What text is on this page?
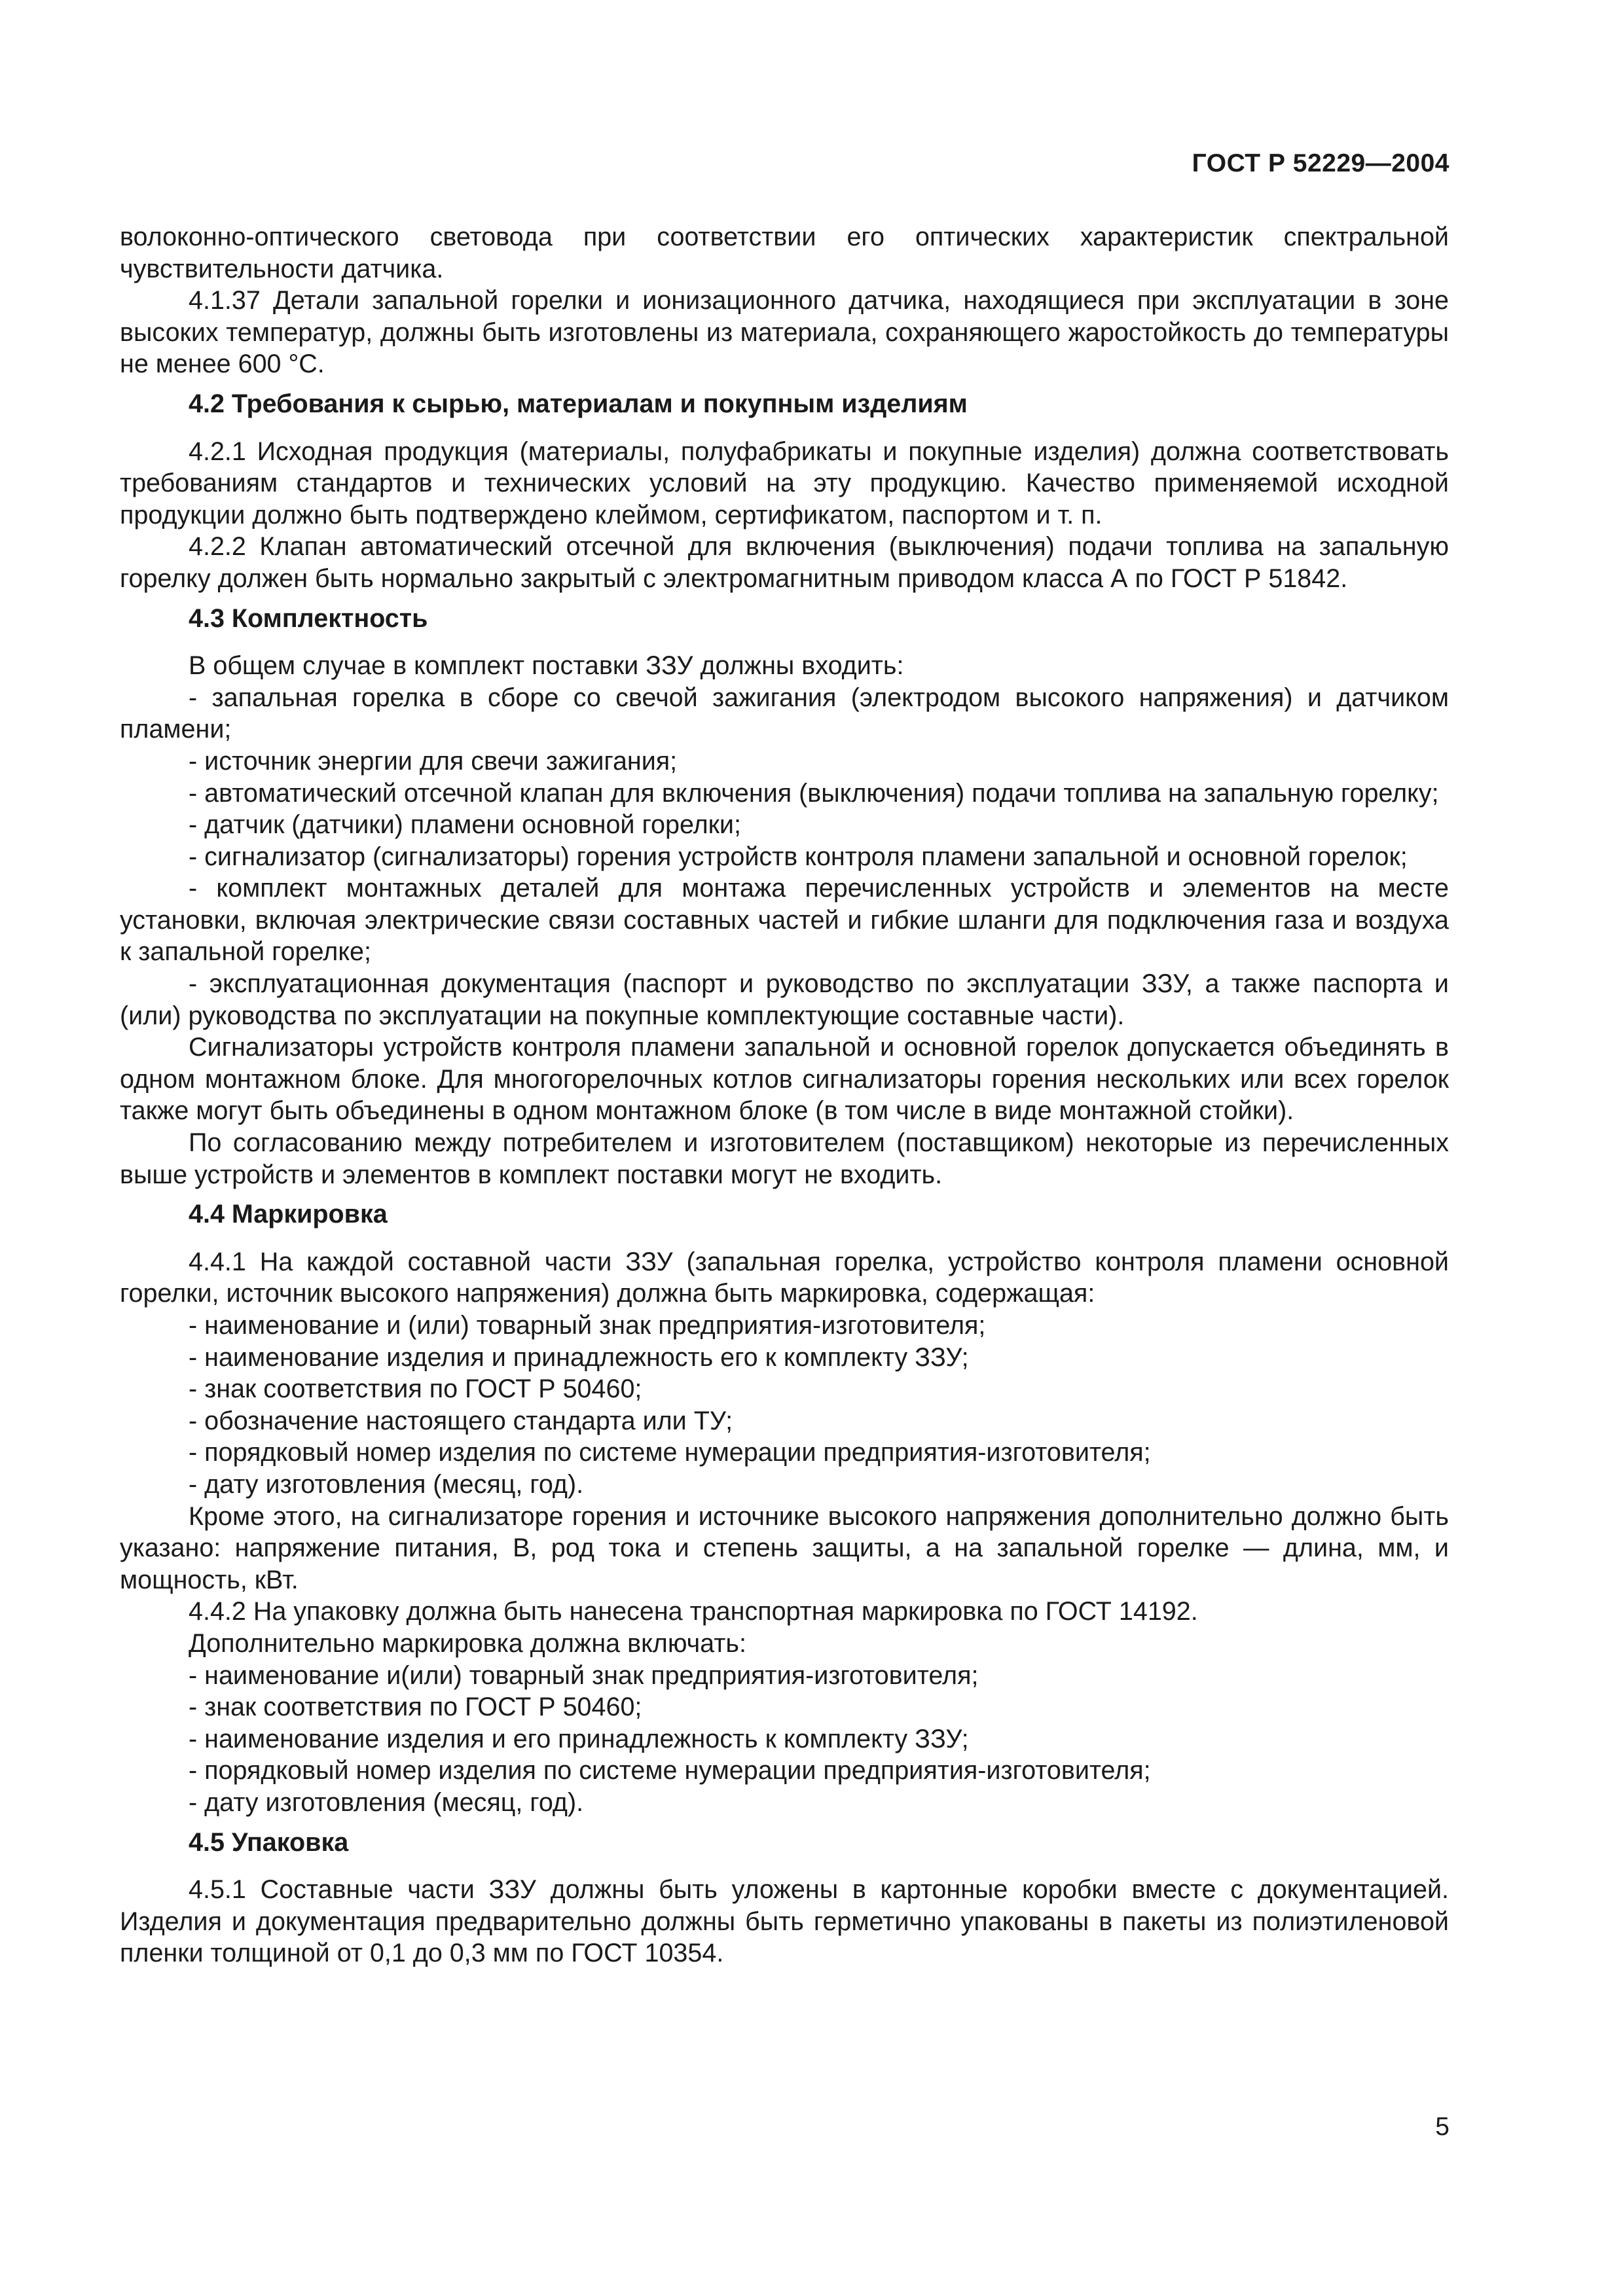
ГОСТ Р 52229—2004

волоконно-оптического световода при соответствии его оптических характеристик спектральной чувствительности датчика.

4.1.37 Детали запальной горелки и ионизационного датчика, находящиеся при эксплуатации в зоне высоких температур, должны быть изготовлены из материала, сохраняющего жаростойкость до температуры не менее 600 °С.

4.2 Требования к сырью, материалам и покупным изделиям

4.2.1 Исходная продукция (материалы, полуфабрикаты и покупные изделия) должна соответствовать требованиям стандартов и технических условий на эту продукцию. Качество применяемой исходной продукции должно быть подтверждено клеймом, сертификатом, паспортом и т. п.

4.2.2 Клапан автоматический отсечной для включения (выключения) подачи топлива на запальную горелку должен быть нормально закрытый с электромагнитным приводом класса А по ГОСТ Р 51842.

4.3 Комплектность

В общем случае в комплект поставки ЗЗУ должны входить:

- запальная горелка в сборе со свечой зажигания (электродом высокого напряжения) и датчиком пламени;

- источник энергии для свечи зажигания;

- автоматический отсечной клапан для включения (выключения) подачи топлива на запальную горелку;

- датчик (датчики) пламени основной горелки;

- сигнализатор (сигнализаторы) горения устройств контроля пламени запальной и основной горелок;

- комплект монтажных деталей для монтажа перечисленных устройств и элементов на месте установки, включая электрические связи составных частей и гибкие шланги для подключения газа и воздуха к запальной горелке;

- эксплуатационная документация (паспорт и руководство по эксплуатации ЗЗУ, а также паспорта и (или) руководства по эксплуатации на покупные комплектующие составные части).

Сигнализаторы устройств контроля пламени запальной и основной горелок допускается объединять в одном монтажном блоке. Для многогорелочных котлов сигнализаторы горения нескольких или всех горелок также могут быть объединены в одном монтажном блоке (в том числе в виде монтажной стойки).

По согласованию между потребителем и изготовителем (поставщиком) некоторые из перечисленных выше устройств и элементов в комплект поставки могут не входить.

4.4 Маркировка

4.4.1 На каждой составной части ЗЗУ (запальная горелка, устройство контроля пламени основной горелки, источник высокого напряжения) должна быть маркировка, содержащая:

- наименование и (или) товарный знак предприятия-изготовителя;

- наименование изделия и принадлежность его к комплекту ЗЗУ;

- знак соответствия по ГОСТ Р 50460;

- обозначение настоящего стандарта или ТУ;

- порядковый номер изделия по системе нумерации предприятия-изготовителя;

- дату изготовления (месяц, год).

Кроме этого, на сигнализаторе горения и источнике высокого напряжения дополнительно должно быть указано: напряжение питания, В, род тока и степень защиты, а на запальной горелке — длина, мм, и мощность, кВт.

4.4.2 На упаковку должна быть нанесена транспортная маркировка по ГОСТ 14192.

Дополнительно маркировка должна включать:

- наименование и(или) товарный знак предприятия-изготовителя;

- знак соответствия по ГОСТ Р 50460;

- наименование изделия и его принадлежность к комплекту ЗЗУ;

- порядковый номер изделия по системе нумерации предприятия-изготовителя;

- дату изготовления (месяц, год).

4.5 Упаковка

4.5.1 Составные части ЗЗУ должны быть уложены в картонные коробки вместе с документацией. Изделия и документация предварительно должны быть герметично упакованы в пакеты из полиэтиленовой пленки толщиной от 0,1 до 0,3 мм по ГОСТ 10354.

5
